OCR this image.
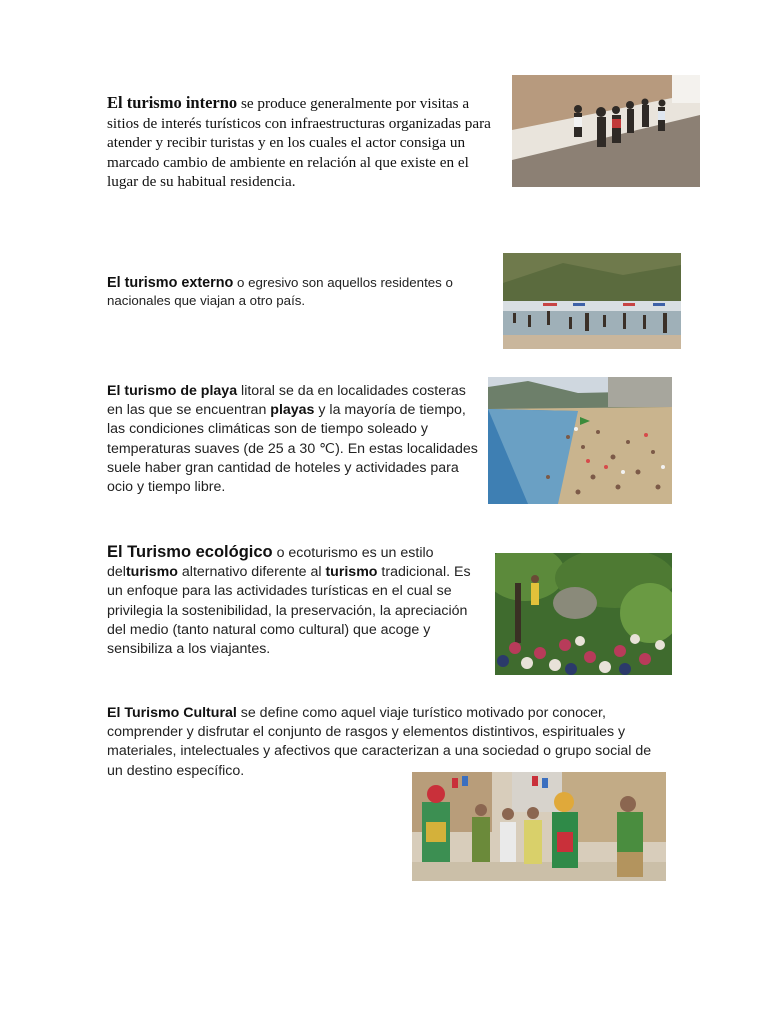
El turismo interno se produce generalmente por visitas a sitios de interés turísticos con infraestructuras organizadas para atender y recibir turistas y en los cuales el actor consiga un marcado cambio de ambiente en relación al que existe en el lugar de su habitual residencia.
El turismo externo o egresivo son aquellos residentes o nacionales que viajan a otro país.
El turismo de playa litoral se da en localidades costeras en las que se encuentran playas y la mayoría de tiempo, las condiciones climáticas son de tiempo soleado y temperaturas suaves (de 25 a 30 ℃). En estas localidades suele haber gran cantidad de hoteles y actividades para ocio y tiempo libre.
El Turismo ecológico o ecoturismo es un estilo delturismo alternativo diferente al turismo tradicional. Es un enfoque para las actividades turísticas en el cual se privilegia la sostenibilidad, la preservación, la apreciación del medio (tanto natural como cultural) que acoge y sensibiliza a los viajantes.
El Turismo Cultural se define como aquel viaje turístico motivado por conocer, comprender y disfrutar el conjunto de rasgos y elementos distintivos, espirituales y materiales, intelectuales y afectivos que caracterizan a una sociedad o grupo social de un destino específico.
